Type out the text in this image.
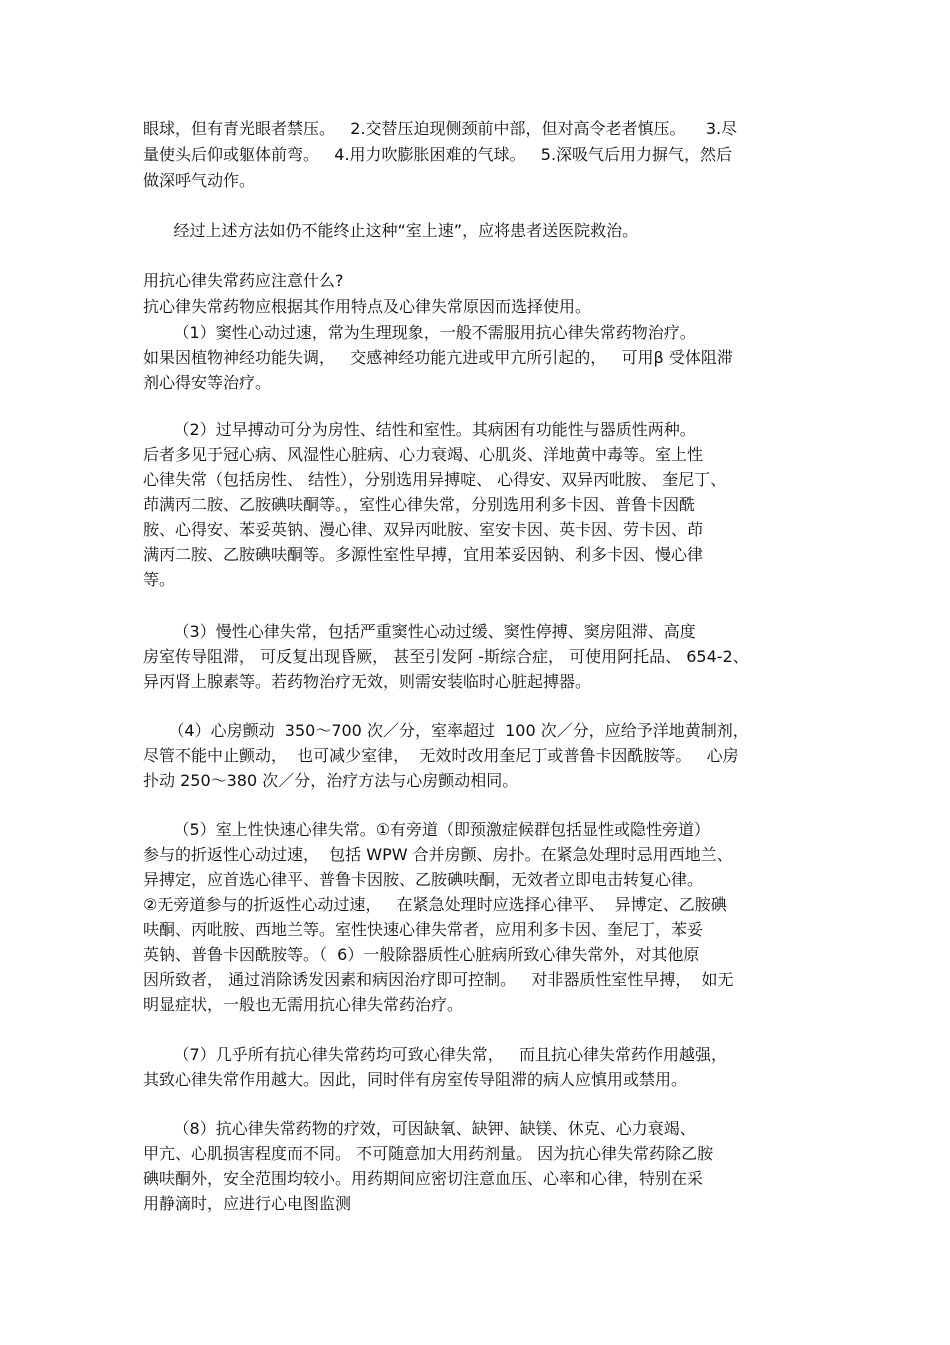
眼球，但有青光眼者禁压。   2.交替压迫现侧颈前中部，但对高令老者慎压。    3.尽
量使头后仰或躯体前弯。   4.用力吹膨胀困难的气球。   5.深吸气后用力摒气，然后
做深呼气动作。
经过上述方法如仍不能终止这种“室上速”，应将患者送医院救治。
用抗心律失常药应注意什么?
抗心律失常药物应根据其作用特点及心律失常原因而选择使用。
（1）窦性心动过速，常为生理现象，一般不需服用抗心律失常药物治疗。
如果因植物神经功能失调，   交感神经功能亢进或甲亢所引起的，   可用β 受体阻滞
剂心得安等治疗。
（2）过早搏动可分为房性、结性和室性。其病困有功能性与器质性两种。
后者多见于冠心病、风湿性心脏病、心力衰竭、心肌炎、洋地黄中毒等。室上性
心律失常（包括房性、 结性），分别选用异搏啶、 心得安、双异丙吡胺、 奎尼丁、
茚满丙二胺、乙胺碘呋酮等。，室性心律失常，分别选用利多卡因、普鲁卡因酰
胺、心得安、苯妥英钠、漫心律、双异丙吡胺、室安卡因、英卡因、劳卡因、茚
满丙二胺、乙胺碘呋酮等。多源性室性早搏，宜用苯妥因钠、利多卡因、慢心律
等。
（3）慢性心律失常，包括严重窦性心动过缓、窦性停搏、窦房阻滞、高度
房室传导阻滞， 可反复出现昏厥， 甚至引发阿 -斯综合症， 可使用阿托品、 654-2、
异丙肾上腺素等。若药物治疗无效，则需安装临时心脏起搏器。
（4）心房颤动  350～700 次／分，室率超过  100 次／分，应给予洋地黄制剂，
尽管不能中止颤动，  也可减少室律，  无效时改用奎尼丁或普鲁卡因酰胺等。   心房
扑动 250～380 次／分，治疗方法与心房颤动相同。
（5）室上性快速心律失常。①有旁道（即预激症候群包括显性或隐性旁道）
参与的折返性心动过速，  包括 WPW 合并房颤、房扑。在紧急处理时忌用西地兰、
异搏定，应首选心律平、普鲁卡因胺、乙胺碘呋酮，无效者立即电击转复心律。
②无旁道参与的折返性心动过速，   在紧急处理时应选择心律平、  异博定、乙胺碘
呋酮、丙吡胺、西地兰等。室性快速心律失常者，应用利多卡因、奎尼丁，苯妥
英钠、普鲁卡因酰胺等。（  6）一般除器质性心脏病所致心律失常外，对其他原
因所致者， 通过消除诱发因素和病因治疗即可控制。   对非器质性室性早搏，  如无
明显症状，一般也无需用抗心律失常药治疗。
（7）几乎所有抗心律失常药均可致心律失常，   而且抗心律失常药作用越强，
其致心律失常作用越大。因此，同时伴有房室传导阻滞的病人应慎用或禁用。
（8）抗心律失常药物的疗效，可因缺氧、缺钾、缺镁、休克、心力衰竭、
甲亢、心肌损害程度而不同。 不可随意加大用药剂量。 因为抗心律失常药除乙胺
碘呋酮外，安全范围均较小。用药期间应密切注意血压、心率和心律，特别在采
用静滴时，应进行心电图监测
